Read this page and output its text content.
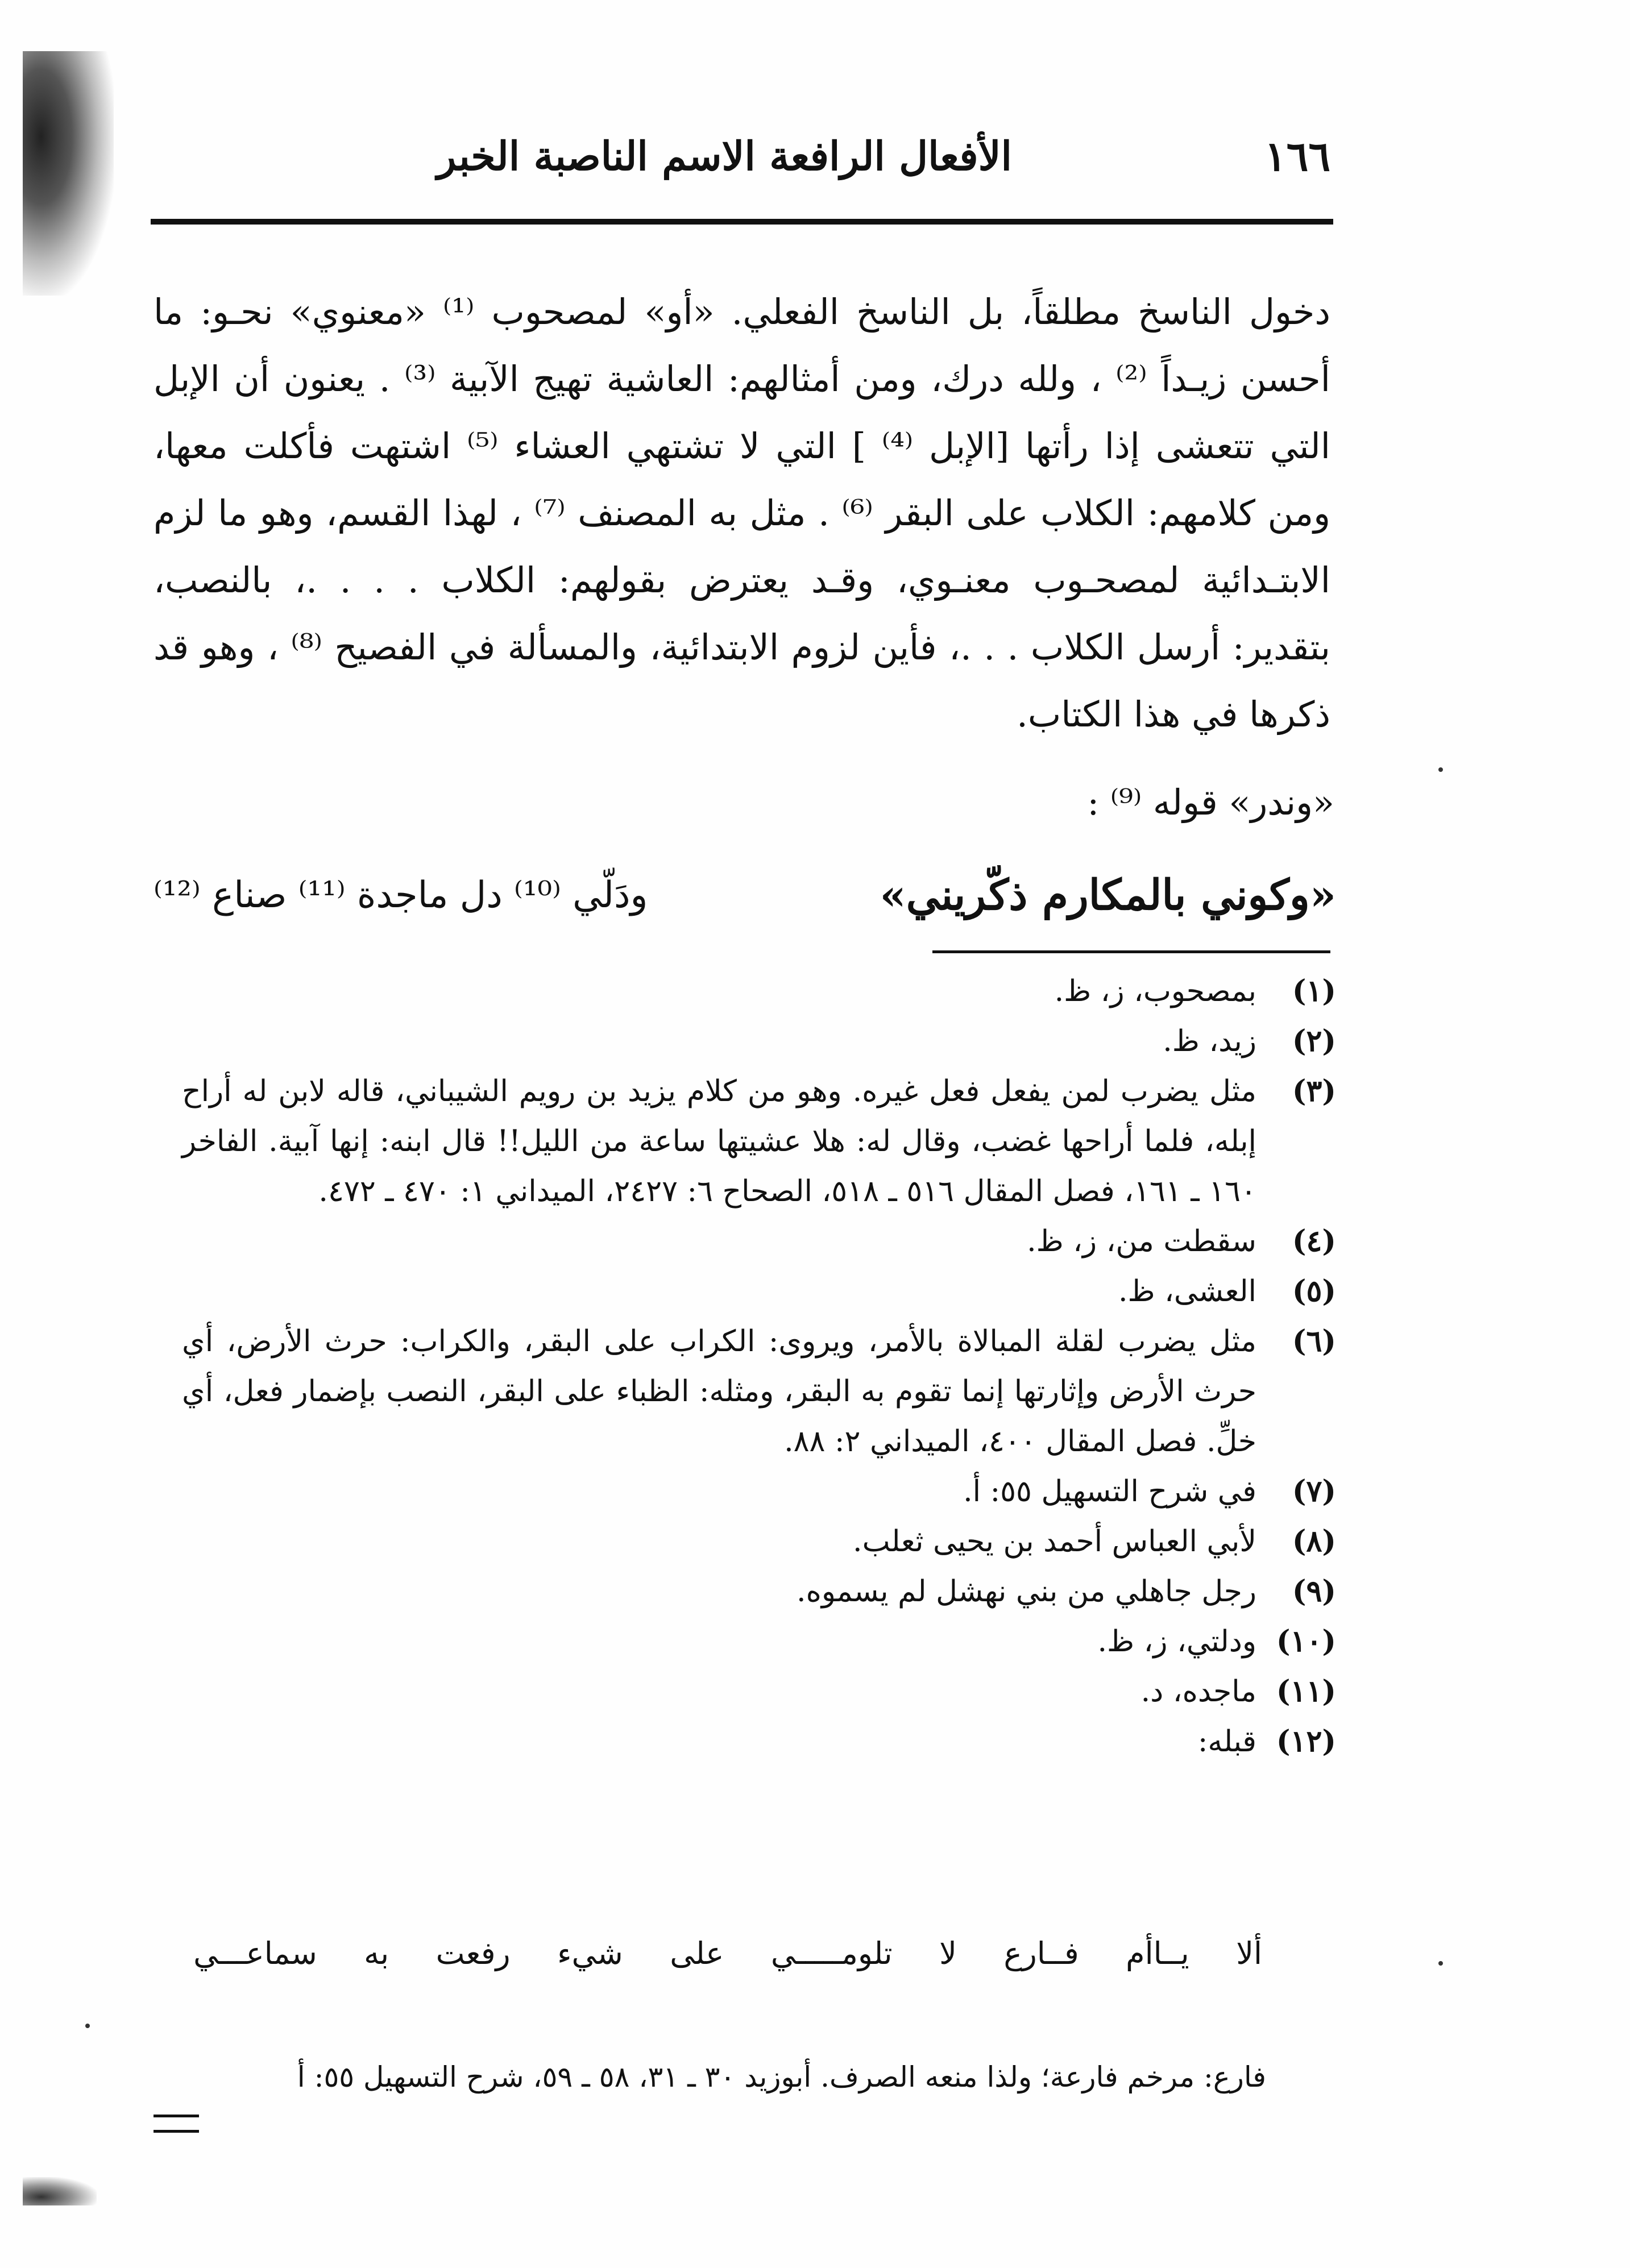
١٦٦
الأفعال الرافعة الاسم الناصبة الخبر

دخول الناسخ مطلقاً، بل الناسخ الفعلي. «أو» لمصحوب ⁽¹⁾ «معنوي» نحـو: ما
أحسن زيـداً ⁽²⁾ ، ولله درك، ومن أمثالهم: العاشية تهيج الآبية ⁽³⁾ . يعنون أن الإبل
التي تتعشى إذا رأتها [الإبل ⁽⁴⁾ ] التي لا تشتهي العشاء ⁽⁵⁾ اشتهت فأكلت معها،
ومن كلامهم: الكلاب على البقر ⁽⁶⁾ . مثل به المصنف ⁽⁷⁾ ، لهذا القسم، وهو ما لزم
الابتـدائية لمصحـوب معنـوي، وقـد يعترض بقولهم: الكلاب . . . .، بالنصب،
بتقدير: أرسل الكلاب . . .، فأين لزوم الابتدائية، والمسألة في الفصيح ⁽⁸⁾ ، وهو قد
ذكرها في هذا الكتاب.

«وندر» قوله ⁽⁹⁾ :
«وكوني بالمكارم ذكّريني»
ودَلّي ⁽¹⁰⁾ دل ماجدة ⁽¹¹⁾ صناع ⁽¹²⁾

(١)
بمصحوب، ز، ظ.

(٢)
زيد، ظ.

(٣)
مثل يضرب لمن يفعل فعل غيره. وهو من كلام يزيد بن رويم الشيباني، قاله لابن له أراح إبله، فلما أراحها غضب، وقال له: هلا عشيتها ساعة من الليل!! قال ابنه: إنها آبية. الفاخر ١٦٠ ـ ١٦١، فصل المقال ٥١٦ ـ ٥١٨، الصحاح ٦: ٢٤٢٧، الميداني ١: ٤٧٠ ـ ٤٧٢.

(٤)
سقطت من، ز، ظ.

(٥)
العشى، ظ.

(٦)
مثل يضرب لقلة المبالاة بالأمر، ويروى: الكراب على البقر، والكراب: حرث الأرض، أي حرث الأرض وإثارتها إنما تقوم به البقر، ومثله: الظباء على البقر، النصب بإضمار فعل، أي خلِّ. فصل المقال ٤٠٠، الميداني ٢: ٨٨.

(٧)
في شرح التسهيل ٥٥: أ.

(٨)
لأبي العباس أحمد بن يحيى ثعلب.

(٩)
رجل جاهلي من بني نهشل لم يسموه.

(١٠)
ودلتي، ز، ظ.

(١١)
ماجده، د.

(١٢)
قبله:

ألا
يــاأم
فــارع
لا
تلومـــــي
على
شيء
رفعت
به
سماعـــي
فارع: مرخم فارعة؛ ولذا منعه الصرف. أبوزيد ٣٠ ـ ٣١، ٥٨ ـ ٥٩، شرح التسهيل ٥٥: أ
